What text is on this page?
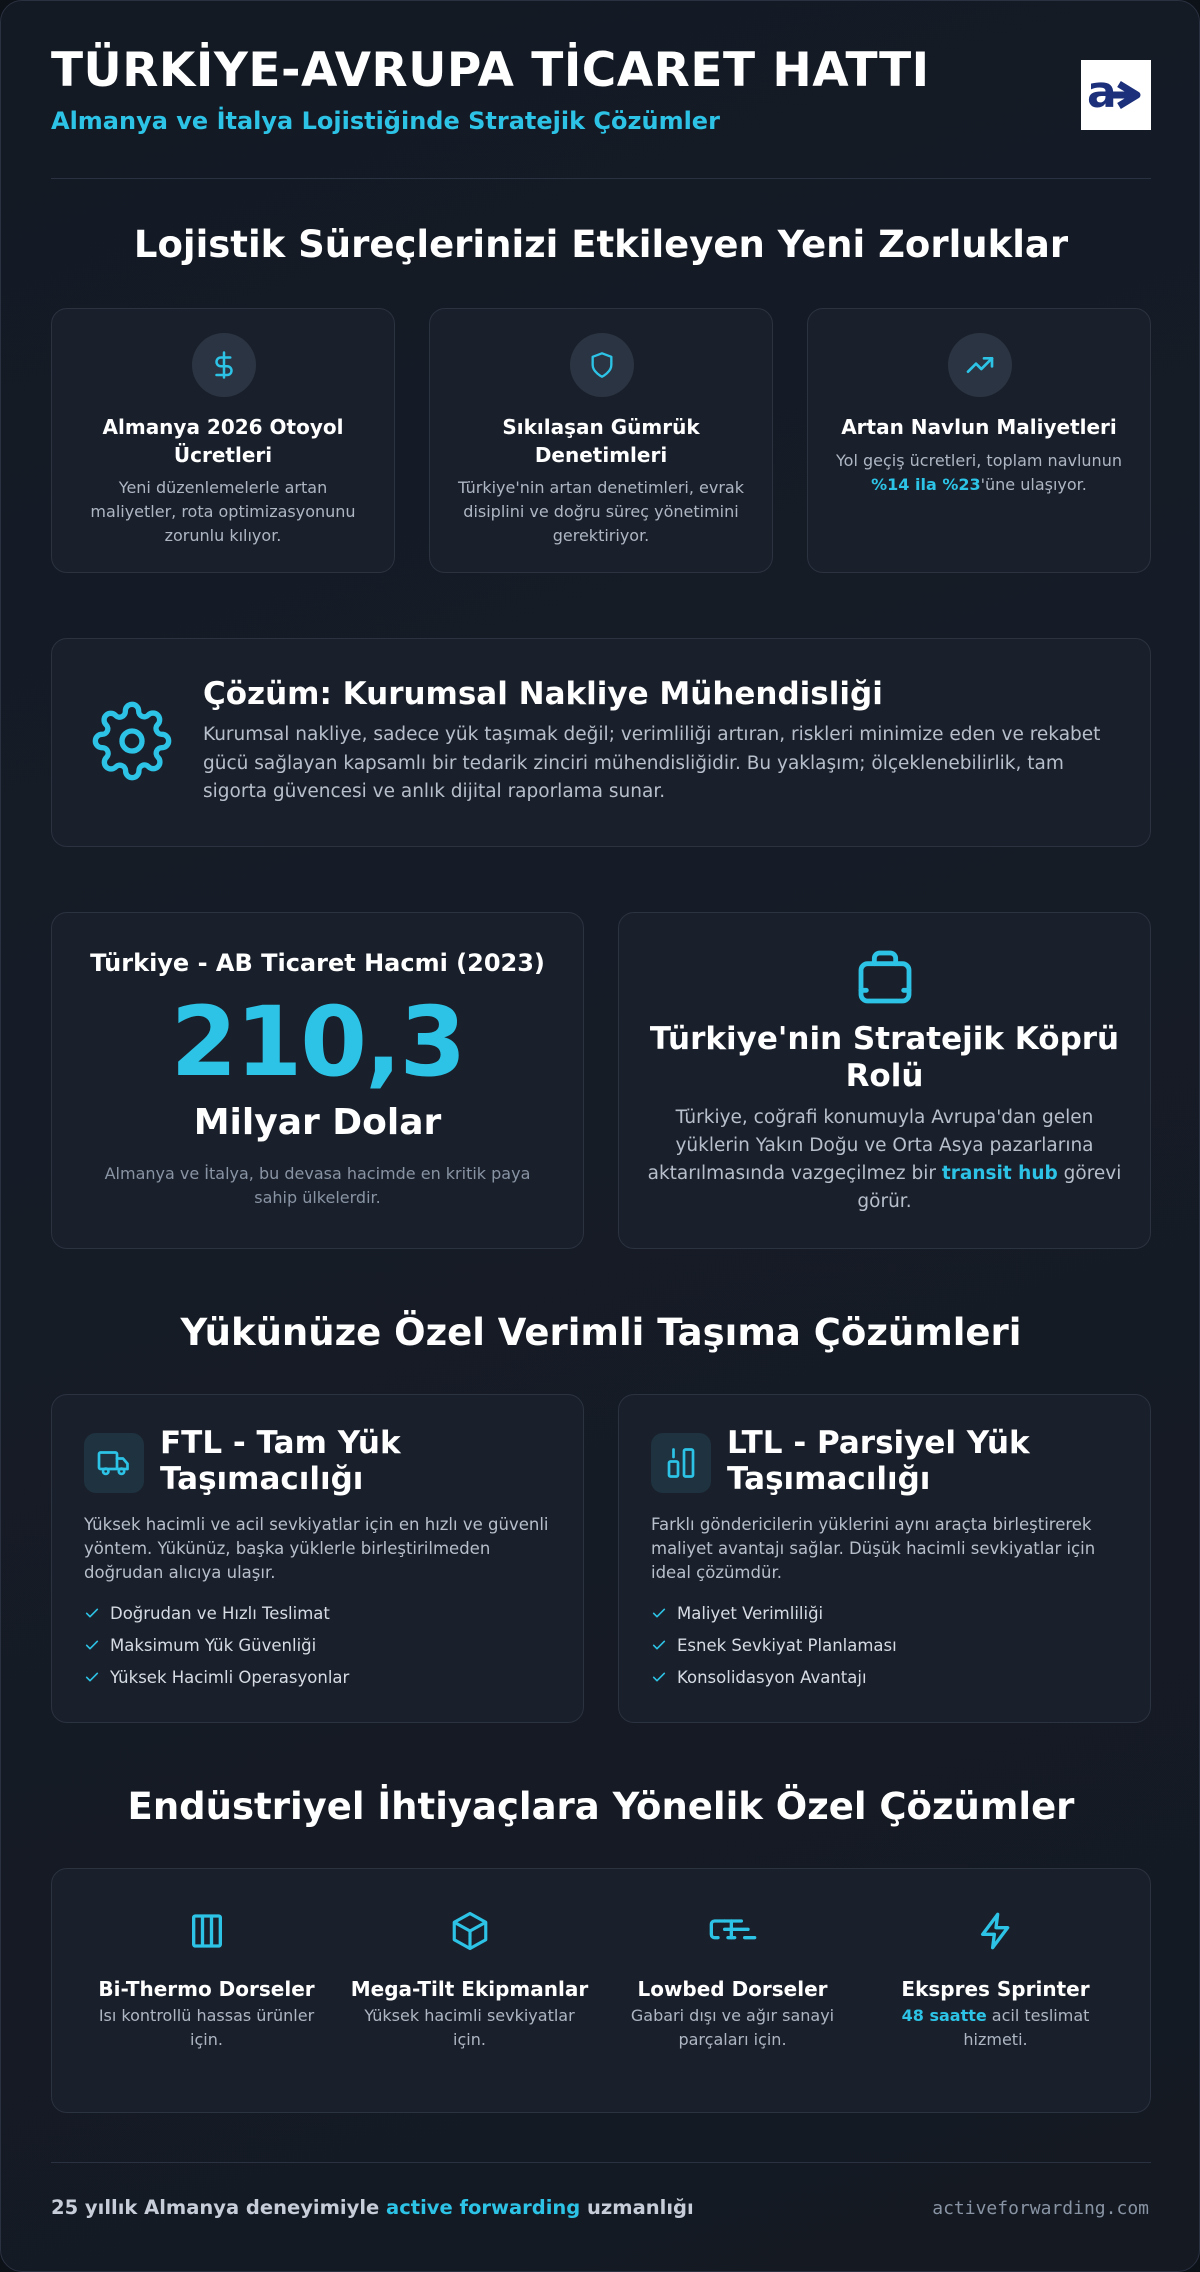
TÜRKİYE-AVRUPA TİCARET HATTI
Almanya ve İtalya Lojistiğinde Stratejik Çözümler
a
Lojistik Süreçlerinizi Etkileyen Yeni Zorluklar
Almanya 2026 Otoyol Ücretleri
Yeni düzenlemelerle artan maliyetler, rota optimizasyonunu zorunlu kılıyor.
Sıkılaşan Gümrük Denetimleri
Türkiye'nin artan denetimleri, evrak disiplini ve doğru süreç yönetimini gerektiriyor.
Artan Navlun Maliyetleri
Yol geçiş ücretleri, toplam navlunun %14 ila %23'üne ulaşıyor.
Çözüm: Kurumsal Nakliye Mühendisliği
Kurumsal nakliye, sadece yük taşımak değil; verimliliği artıran, riskleri minimize eden ve rekabet gücü sağlayan kapsamlı bir tedarik zinciri mühendisliğidir. Bu yaklaşım; ölçeklenebilirlik, tam sigorta güvencesi ve anlık dijital raporlama sunar.
Türkiye - AB Ticaret Hacmi (2023)
210,3
Milyar Dolar
Almanya ve İtalya, bu devasa hacimde en kritik paya sahip ülkelerdir.
Türkiye'nin Stratejik Köprü Rolü
Türkiye, coğrafi konumuyla Avrupa'dan gelen yüklerin Yakın Doğu ve Orta Asya pazarlarına aktarılmasında vazgeçilmez bir transit hub görevi görür.
Yükünüze Özel Verimli Taşıma Çözümleri
FTL - Tam Yük Taşımacılığı
Yüksek hacimli ve acil sevkiyatlar için en hızlı ve güvenli yöntem. Yükünüz, başka yüklerle birleştirilmeden doğrudan alıcıya ulaşır.
Doğrudan ve Hızlı Teslimat
Maksimum Yük Güvenliği
Yüksek Hacimli Operasyonlar
LTL - Parsiyel Yük Taşımacılığı
Farklı göndericilerin yüklerini aynı araçta birleştirerek maliyet avantajı sağlar. Düşük hacimli sevkiyatlar için ideal çözümdür.
Maliyet Verimliliği
Esnek Sevkiyat Planlaması
Konsolidasyon Avantajı
Endüstriyel İhtiyaçlara Yönelik Özel Çözümler
Bi-Thermo Dorseler
Isı kontrollü hassas ürünler için.
Mega-Tilt Ekipmanlar
Yüksek hacimli sevkiyatlar için.
Lowbed Dorseler
Gabari dışı ve ağır sanayi parçaları için.
Ekspres Sprinter
48 saatte acil teslimat hizmeti.
25 yıllık Almanya deneyimiyle active forwarding uzmanlığı	activeforwarding.com
